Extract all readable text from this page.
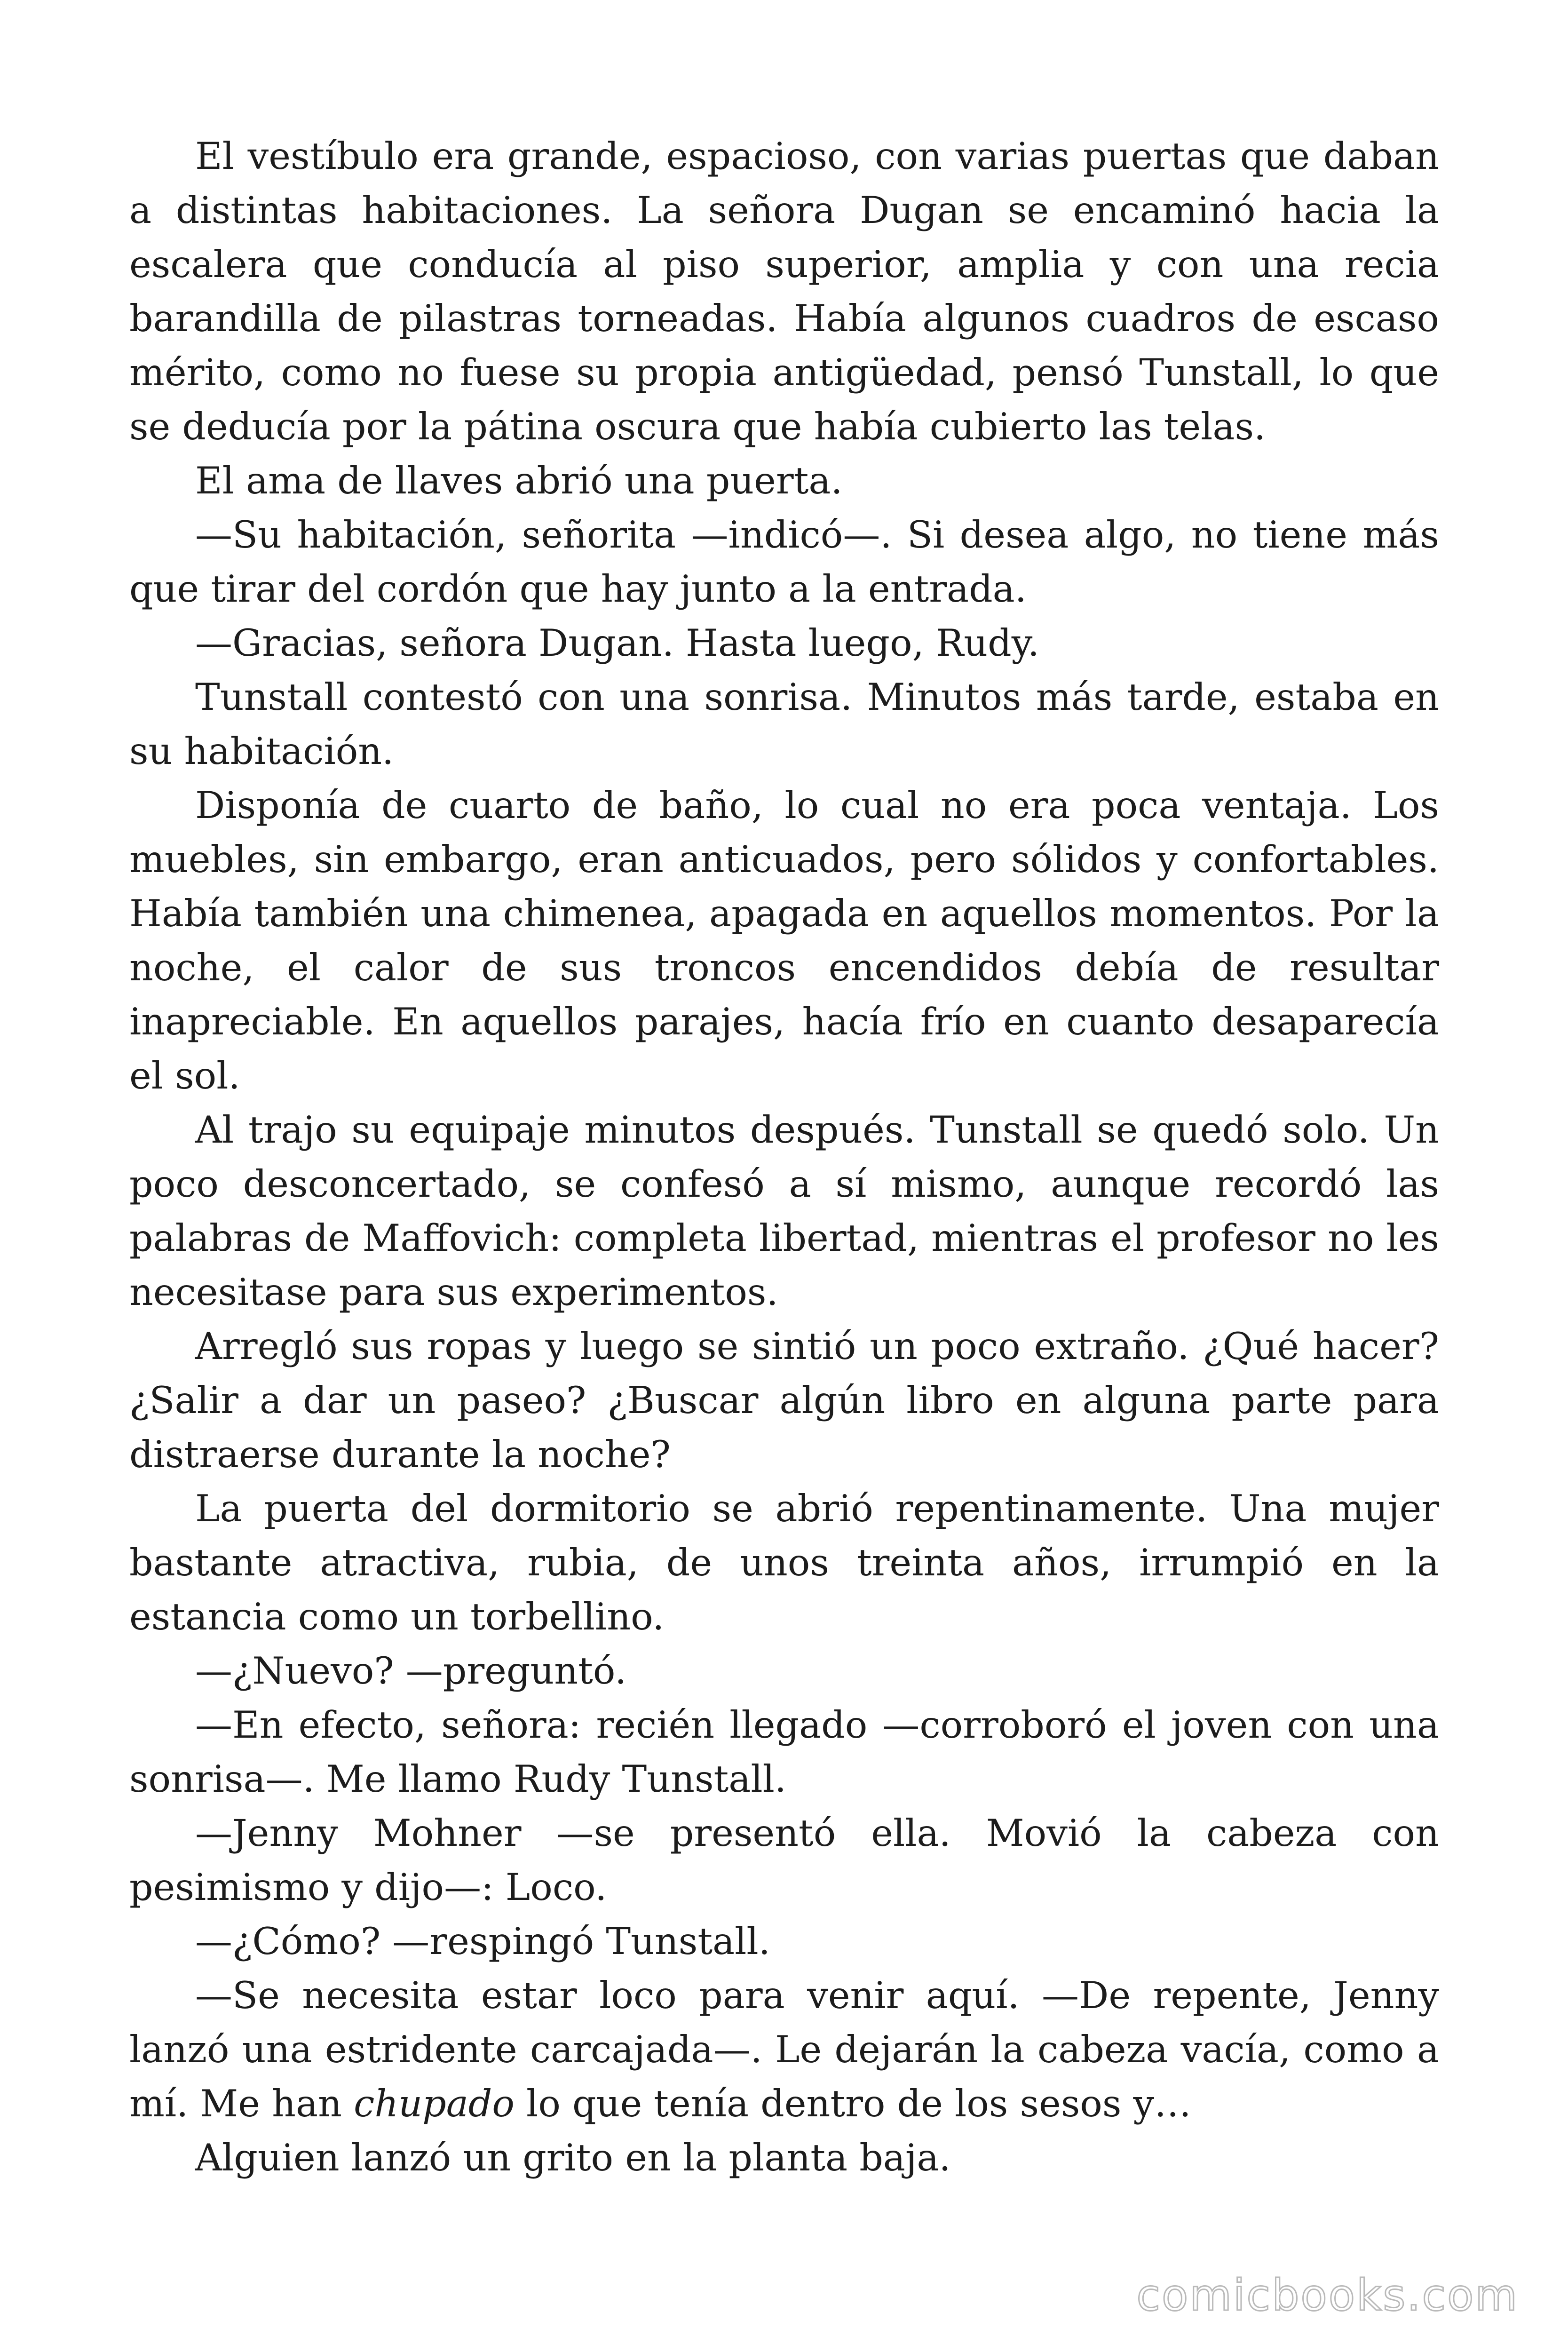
El vestíbulo era grande, espacioso, con varias puertas que daban a distintas habitaciones. La señora Dugan se encaminó hacia la escalera que conducía al piso superior, amplia y con una recia barandilla de pilastras torneadas. Había algunos cuadros de escaso mérito, como no fuese su propia antigüedad, pensó Tunstall, lo que se deducía por la pátina oscura que había cubierto las telas.

El ama de llaves abrió una puerta.

—Su habitación, señorita —indicó—. Si desea algo, no tiene más que tirar del cordón que hay junto a la entrada.

—Gracias, señora Dugan. Hasta luego, Rudy.

Tunstall contestó con una sonrisa. Minutos más tarde, estaba en su habitación.

Disponía de cuarto de baño, lo cual no era poca ventaja. Los muebles, sin embargo, eran anticuados, pero sólidos y confortables. Había también una chimenea, apagada en aquellos momentos. Por la noche, el calor de sus troncos encendidos debía de resultar inapreciable. En aquellos parajes, hacía frío en cuanto desaparecía el sol.

Al trajo su equipaje minutos después. Tunstall se quedó solo. Un poco desconcertado, se confesó a sí mismo, aunque recordó las palabras de Maffovich: completa libertad, mientras el profesor no les necesitase para sus experimentos.

Arregló sus ropas y luego se sintió un poco extraño. ¿Qué hacer? ¿Salir a dar un paseo? ¿Buscar algún libro en alguna parte para distraerse durante la noche?

La puerta del dormitorio se abrió repentinamente. Una mujer bastante atractiva, rubia, de unos treinta años, irrumpió en la estancia como un torbellino.

—¿Nuevo? —preguntó.

—En efecto, señora: recién llegado —corroboró el joven con una sonrisa—. Me llamo Rudy Tunstall.

—Jenny Mohner —se presentó ella. Movió la cabeza con pesimismo y dijo—: Loco.

—¿Cómo? —respingó Tunstall.

—Se necesita estar loco para venir aquí. —De repente, Jenny lanzó una estridente carcajada—. Le dejarán la cabeza vacía, como a mí. Me han chupado lo que tenía dentro de los sesos y…

Alguien lanzó un grito en la planta baja.

comicbooks.com
